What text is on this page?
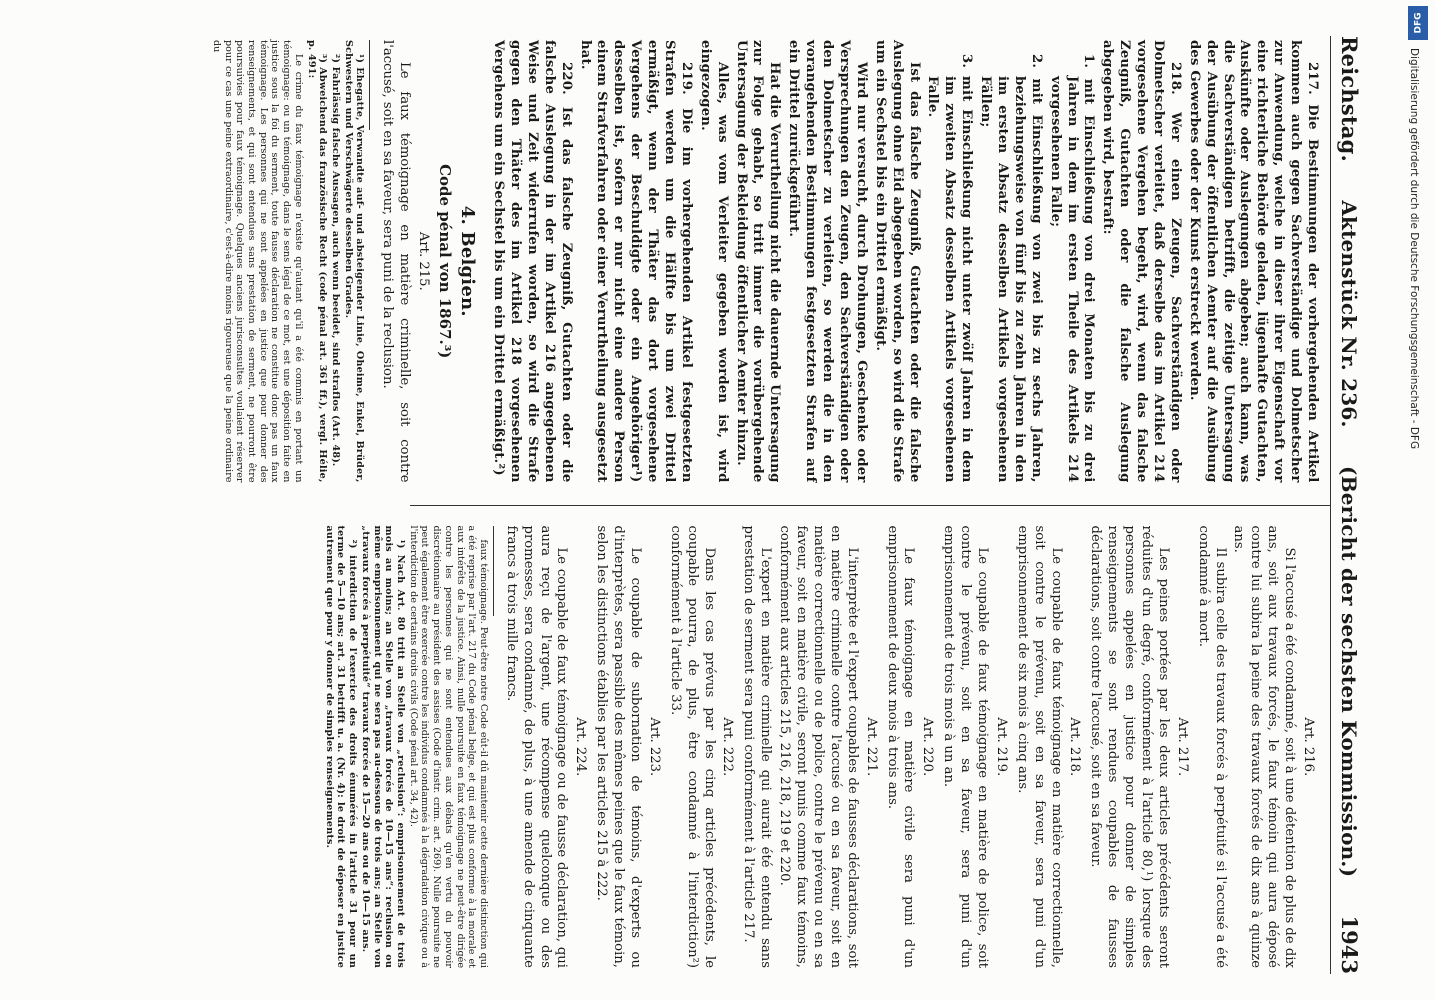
Reichstag.
Aktenstück Nr. 236.
(Bericht der sechsten Kommission.)
1943

217. Die Bestimmungen der vorhergehenden Artikel kommen auch gegen Sachverständige und Dolmetscher zur Anwendung, welche in dieser ihrer Eigenschaft vor eine richterliche Behörde geladen, lügenhafte Gutachten, Auskünfte oder Auslegungen abgeben; auch kann, was die Sachverständigen betrifft, die zeitige Untersagung der Ausübung der öffentlichen Aemter auf die Ausübung des Gewerbes oder der Kunst erstreckt werden.

218. Wer einen Zeugen, Sachverständigen oder Dolmetscher verleitet, daß derselbe das im Artikel 214 vorgesehene Vergehen begeht, wird, wenn das falsche Zeugniß, Gutachten oder die falsche Auslegung abgegeben wird, bestraft:

1. mit Einschließung von drei Monaten bis zu drei Jahren in dem im ersten Theile des Artikels 214 vorgesehenen Falle;

2. mit Einschließung von zwei bis zu sechs Jahren, beziehungsweise von fünf bis zu zehn Jahren in den im ersten Absatz desselben Artikels vorgesehenen Fällen;

3. mit Einschließung nicht unter zwölf Jahren in dem im zweiten Absatz desselben Artikels vorgesehenen Falle.

Ist das falsche Zeugniß, Gutachten oder die falsche Auslegung ohne Eid abgegeben worden, so wird die Strafe um ein Sechstel bis ein Drittel ermäßigt.

Wird nur versucht, durch Drohungen, Geschenke oder Versprechungen den Zeugen, den Sachverständigen oder den Dolmetscher zu verleiten, so werden die in den vorangehenden Bestimmungen festgesetzten Strafen auf ein Drittel zurückgeführt.

Hat die Verurtheilung nicht die dauernde Untersagung zur Folge gehabt, so tritt immer die vorübergehende Untersagung der Bekleidung öffentlicher Aemter hinzu.

Alles, was vom Verleiter gegeben worden ist, wird eingezogen.

219. Die im vorhergehenden Artikel festgesetzten Strafen werden um die Hälfte bis um zwei Drittel ermäßigt, wenn der Thäter das dort vorgesehene Vergehens der Beschuldigte oder ein Angehöriger¹) desselben ist, sofern er nur nicht eine andere Person einem Strafverfahren oder einer Verurtheilung ausgesetzt hat.

220. Ist das falsche Zeugniß, Gutachten oder die falsche Auslegung in der im Artikel 216 angegebenen Weise und Zeit widerrufen worden, so wird die Strafe gegen den Thäter des im Artikel 218 vorgesehenen Vergehens um ein Sechstel bis um ein Drittel ermäßigt.²)

4. Belgien.
Code pénal von 1867.³)
Art. 215.

Le faux témoignage en matière criminelle, soit contre l'accusé, soit en sa faveur, sera puni de la reclusion.

¹) Ehegatte, Verwandte auf- und absteigender Linie, Oheime, Enkel, Brüder, Schwestern und Verschwägerte desselben Grades.

²) Fahrlässig falsche Aussagen, auch wenn beeidet, sind straflos (Art. 48).

³) Abweichend das französische Recht (code pénal art. 361 ff.), vergl. Hélie, p. 491:

Le crime du faux témoignage n'existe qu'autant qu'il a été commis en portant un témoignage: ou un témoignage, dans le sens légal de ce mot, est une déposition faite en justice sous la foi du serment, toute fausse déclaration ne constitue donc pas un faux témoignage. Les personnes qui ne sont appelées en justice que pour donner des renseignements, et qui sont entendues sans prestation de serment, ne pourront être poursuivies pour faux témoignage. Quelques anciens jurisconsultes voulaient réserver pour ce cas une peine extraordinaire, c'est-à-dire moins rigoureuse que la peine ordinaire du

Art. 216.

Si l'accusé a été condamné, soit à une détention de plus de dix ans, soit aux travaux forcés, le faux témoin qui aura déposé contre lui subira la peine des travaux forcés de dix ans à quinze ans.

Il subira celle des travaux forcés à perpétuité si l'accusé a été condamné à mort.

Art. 217.

Les peines portées par les deux articles précédents seront réduites d'un degré, conformément à l'article 80,¹) lorsque des personnes appelées en justice pour donner de simples renseignements se sont rendues coupables de fausses déclarations, soit contre l'accusé, soit en sa faveur.

Art. 218.

Le coupable de faux témoignage en matière correctionnelle, soit contre le prévenu, soit en sa faveur, sera puni d'un emprisonnement de six mois à cinq ans.

Art. 219.

Le coupable de faux témoignage en matière de police, soit contre le prévenu, soit en sa faveur, sera puni d'un emprisonnement de trois mois à un an.

Art. 220.

Le faux témoignage en matière civile sera puni d'un emprisonnement de deux mois à trois ans.

Art. 221.

L'interprète et l'expert coupables de fausses déclarations, soit en matière criminelle contre l'accusé ou en sa faveur, soit en matière correctionnelle ou de police, contre le prévenu ou en sa faveur, soit en matière civile, seront punis comme faux témoins, conformément aux articles 215, 216, 218, 219 et 220.

L'expert en matière criminelle qui aurait été entendu sans prestation de serment sera puni conformément à l'article 217.

Art. 222.

Dans les cas prévus par les cinq articles précédents, le coupable pourra, de plus, être condamné à l'interdiction²) conformément à l'article 33.

Art. 223.

Le coupable de subornation de témoins, d'experts ou d'interprètes, sera passible des mêmes peines que le faux témoin, selon les distinctions établies par les articles 215 à 222.

Art. 224.

Le coupable de faux témoignage ou de fausse déclaration, qui aura reçu de l'argent, une récompense quelconque ou des promesses, sera condamné, de plus, à une amende de cinquante francs à trois mille francs.

faux témoignage. Peut-être notre Code eût-il dû maintenir cette dernière distinction qui a été reprise par l'art. 217 du Code pénal belge, et qui est plus conforme à la morale et aux intérêts de la justice. Ainsi, nulle poursuite en faux témoignage ne peut-être dirigée contre les personnes qui ne sont entendues aux débats qu'en vertu du pouvoir discrétionnaire au président des assises (Code d'instr. crim. art. 269). Nulle poursuite ne peut également être exercée contre les individus condamnés à la dégradation civique ou à l'interdiction de certains droits civils (Code pénal art. 34, 42).

¹) Nach Art. 80 tritt an Stelle von „reclusion“: emprisonnement de trois mois au moins; an Stelle von „travaux forcés de 10—15 ans“: reclusion ou même emprisonnement qui ne sera pas au-dessous de trois ans; an Stelle von „travaux forcés à perpétuité“ travaux forcés de 15—20 ans ou de 10—15 ans.

²) interdiction de l'exercice des droits énumérés in l'article 31 pour un terme de 5—10 ans; art. 31 betrifft u. a. (Nr. 4): le droit de déposer en justice autrement que pour y donner de simples renseignements.

DFG
Digitalisierung gefördert durch die Deutsche Forschungsgemeinschaft - DFG
